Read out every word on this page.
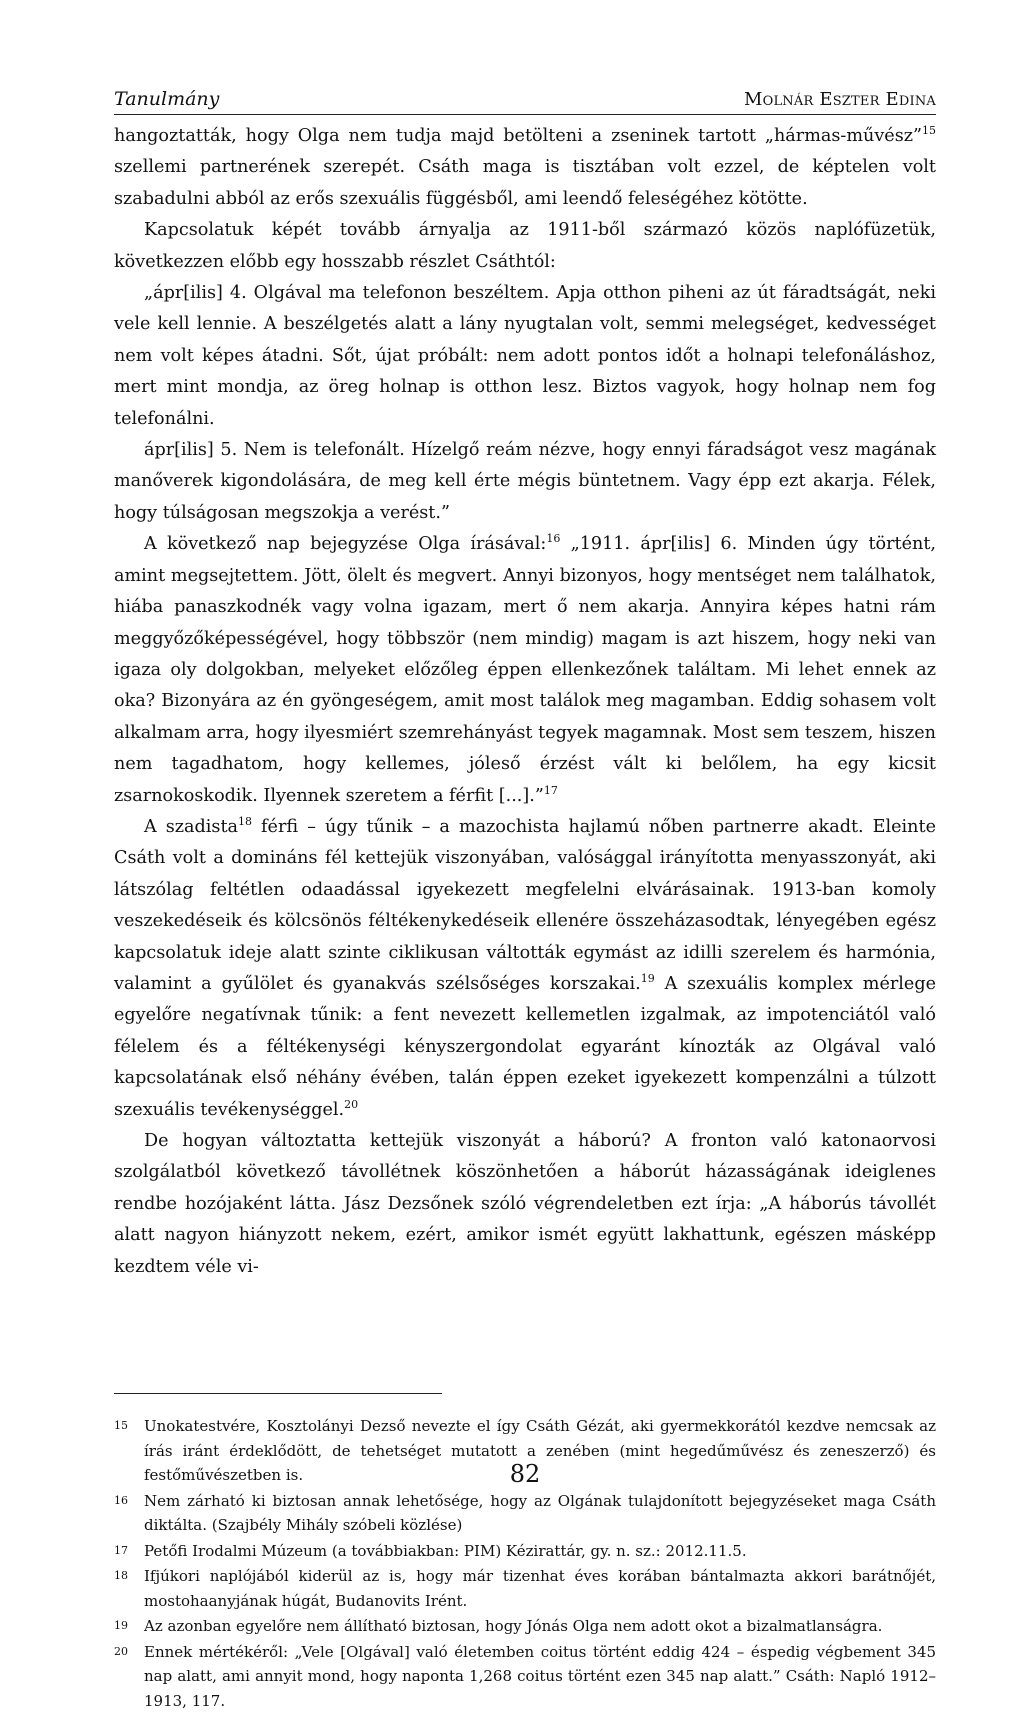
Tanulmány	Molnár Eszter Edina

hangoztatták, hogy Olga nem tudja majd betölteni a zseninek tartott „hármas-művész”$^{15}$ szellemi partnerének szerepét. Csáth maga is tisztában volt ezzel, de képtelen volt szabadulni abból az erős szexuális függésből, ami leendő feleségéhez kötötte.

Kapcsolatuk képét tovább árnyalja az 1911-ből származó közös naplófüzetük, következzen előbb egy hosszabb részlet Csáthtól:

„ápr[ilis] 4. Olgával ma telefonon beszéltem. Apja otthon piheni az út fáradtságát, neki vele kell lennie. A beszélgetés alatt a lány nyugtalan volt, semmi melegséget, kedvességet nem volt képes átadni. Sőt, újat próbált: nem adott pontos időt a holnapi telefonáláshoz, mert mint mondja, az öreg holnap is otthon lesz. Biztos vagyok, hogy holnap nem fog telefonálni.

ápr[ilis] 5. Nem is telefonált. Hízelgő reám nézve, hogy ennyi fáradságot vesz magának manőverek kigondolására, de meg kell érte mégis büntetnem. Vagy épp ezt akarja. Félek, hogy túlságosan megszokja a verést.”

A következő nap bejegyzése Olga írásával:$^{16}$ „1911. ápr[ilis] 6. Minden úgy történt, amint megsejtettem. Jött, ölelt és megvert. Annyi bizonyos, hogy mentséget nem találhatok, hiába panaszkodnék vagy volna igazam, mert ő nem akarja. Annyira képes hatni rám meggyőzőképességével, hogy többször (nem mindig) magam is azt hiszem, hogy neki van igaza oly dolgokban, melyeket előzőleg éppen ellenkezőnek találtam. Mi lehet ennek az oka? Bizonyára az én gyöngeségem, amit most találok meg magamban. Eddig sohasem volt alkalmam arra, hogy ilyesmiért szemrehányást tegyek magamnak. Most sem teszem, hiszen nem tagadhatom, hogy kellemes, jóleső érzést vált ki belőlem, ha egy kicsit zsarnokoskodik. Ilyennek szeretem a férfit [...].”$^{17}$

A szadista$^{18}$ férfi – úgy tűnik – a mazochista hajlamú nőben partnerre akadt. Eleinte Csáth volt a domináns fél kettejük viszonyában, valósággal irányította menyasszonyát, aki látszólag feltétlen odaadással igyekezett megfelelni elvárásainak. 1913-ban komoly veszekedéseik és kölcsönös féltékenykedéseik ellenére összeházasodtak, lényegében egész kapcsolatuk ideje alatt szinte ciklikusan váltották egymást az idilli szerelem és harmónia, valamint a gyűlölet és gyanakvás szélsőséges korszakai.$^{19}$ A szexuális komplex mérlege egyelőre negatívnak tűnik: a fent nevezett kellemetlen izgalmak, az impotenciától való félelem és a féltékenységi kényszergondolat egyaránt kínozták az Olgával való kapcsolatának első néhány évében, talán éppen ezeket igyekezett kompenzálni a túlzott szexuális tevékenységgel.$^{20}$

De hogyan változtatta kettejük viszonyát a háború? A fronton való katonaorvosi szolgálatból következő távollétnek köszönhetően a háborút házasságának ideiglenes rendbe hozójaként látta. Jász Dezsőnek szóló végrendeletben ezt írja: „A háborús távollét alatt nagyon hiányzott nekem, ezért, amikor ismét együtt lakhattunk, egészen másképp kezdtem véle vi-

15 Unokatestvére, Kosztolányi Dezső nevezte el így Csáth Gézát, aki gyermekkorától kezdve nemcsak az írás iránt érdeklődött, de tehetséget mutatott a zenében (mint hegedűművész és zeneszerző) és festőművészetben is.
16 Nem zárható ki biztosan annak lehetősége, hogy az Olgának tulajdonított bejegyzéseket maga Csáth diktálta. (Szajbély Mihály szóbeli közlése)
17 Petőfi Irodalmi Múzeum (a továbbiakban: PIM) Kézirattár, gy. n. sz.: 2012.11.5.
18 Ifjúkori naplójából kiderül az is, hogy már tizenhat éves korában bántalmazta akkori barátnőjét, mostohaanyjának húgát, Budanovits Irént.
19 Az azonban egyelőre nem állítható biztosan, hogy Jónás Olga nem adott okot a bizalmatlanságra.
20 Ennek mértékéről: „Vele [Olgával] való életemben coitus történt eddig 424 – éspedig végbement 345 nap alatt, ami annyit mond, hogy naponta 1,268 coitus történt ezen 345 nap alatt.” Csáth: Napló 1912–1913, 117.
82
